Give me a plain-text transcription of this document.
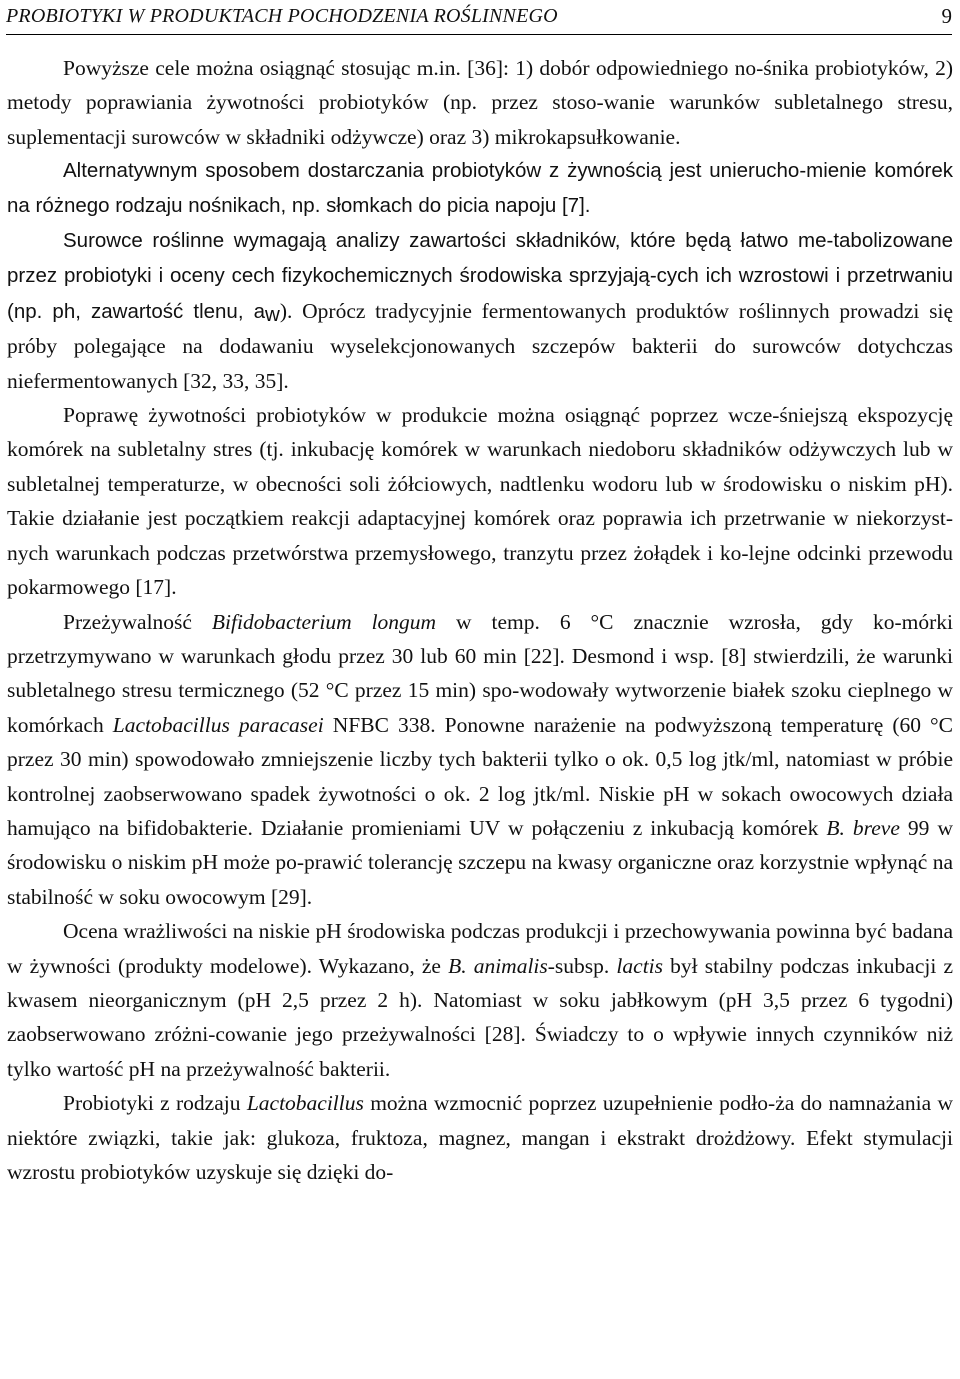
PROBIOTYKI W PRODUKTACH POCHODZENIA ROŚLINNEGO	9

Powyższe cele można osiągnąć stosując m.in. [36]: 1) dobór odpowiedniego no-śnika probiotyków, 2) metody poprawiania żywotności probiotyków (np. przez stoso-wanie warunków subletalnego stresu, suplementacji surowców w składniki odżywcze) oraz 3) mikrokapsułkowanie.

Alternatywnym sposobem dostarczania probiotyków z żywnością jest unierucho-mienie komórek na różnego rodzaju nośnikach, np. słomkach do picia napoju [7].

Surowce roślinne wymagają analizy zawartości składników, które będą łatwo me-tabolizowane przez probiotyki i oceny cech fizykochemicznych środowiska sprzyjają-cych ich wzrostowi i przetrwaniu (np. ph, zawartość tlenu, $a_w$). Oprócz tradycyjnie fermentowanych produktów roślinnych prowadzi się próby polegające na dodawaniu wyselekcjonowanych szczepów bakterii do surowców dotychczas niefermentowanych [32, 33, 35].

Poprawę żywotności probiotyków w produkcie można osiągnąć poprzez wcze-śniejszą ekspozycję komórek na subletalny stres (tj. inkubację komórek w warunkach niedoboru składników odżywczych lub w subletalnej temperaturze, w obecności soli żółciowych, nadtlenku wodoru lub w środowisku o niskim pH). Takie działanie jest początkiem reakcji adaptacyjnej komórek oraz poprawia ich przetrwanie w niekorzyst-nych warunkach podczas przetwórstwa przemysłowego, tranzytu przez żołądek i ko-lejne odcinki przewodu pokarmowego [17].

Przeżywalność Bifidobacterium longum w temp. 6 °C znacznie wzrosła, gdy ko-mórki przetrzymywano w warunkach głodu przez 30 lub 60 min [22]. Desmond i wsp. [8] stwierdzili, że warunki subletalnego stresu termicznego (52 °C przez 15 min) spo-wodowały wytworzenie białek szoku cieplnego w komórkach Lactobacillus paracasei NFBC 338. Ponowne narażenie na podwyższoną temperaturę (60 °C przez 30 min) spowodowało zmniejszenie liczby tych bakterii tylko o ok. 0,5 log jtk/ml, natomiast w próbie kontrolnej zaobserwowano spadek żywotności o ok. 2 log jtk/ml. Niskie pH w sokach owocowych działa hamująco na bifidobakterie. Działanie promieniami UV w połączeniu z inkubacją komórek B. breve 99 w środowisku o niskim pH może po-prawić tolerancję szczepu na kwasy organiczne oraz korzystnie wpłynąć na stabilność w soku owocowym [29].

Ocena wrażliwości na niskie pH środowiska podczas produkcji i przechowywania powinna być badana w żywności (produkty modelowe). Wykazano, że B. animalis-subsp. lactis był stabilny podczas inkubacji z kwasem nieorganicznym (pH 2,5 przez 2 h). Natomiast w soku jabłkowym (pH 3,5 przez 6 tygodni) zaobserwowano zróżni-cowanie jego przeżywalności [28]. Świadczy to o wpływie innych czynników niż tylko wartość pH na przeżywalność bakterii.

Probiotyki z rodzaju Lactobacillus można wzmocnić poprzez uzupełnienie podło-ża do namnażania w niektóre związki, takie jak: glukoza, fruktoza, magnez, mangan i ekstrakt drożdżowy. Efekt stymulacji wzrostu probiotyków uzyskuje się dzięki do-
